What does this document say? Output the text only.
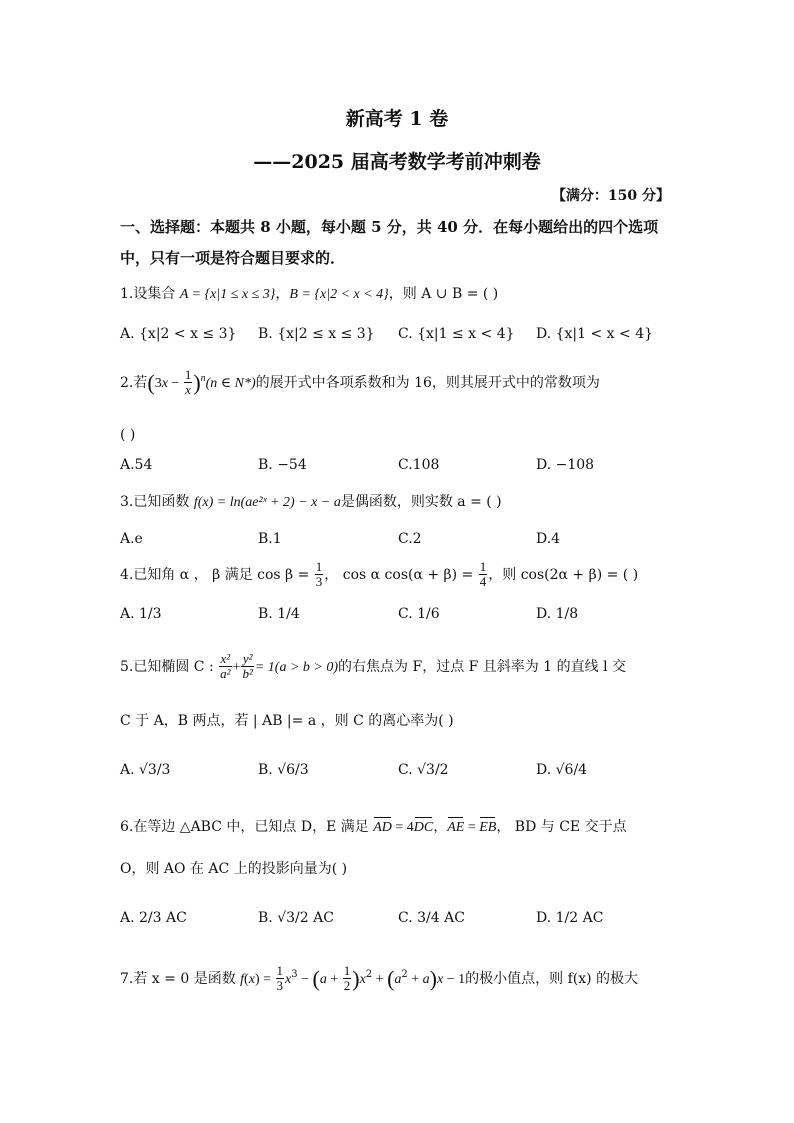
新高考 1 卷
——2025 届高考数学考前冲刺卷
【满分：150 分】
一、选择题：本题共 8 小题，每小题 5 分，共 40 分．在每小题给出的四个选项中，只有一项是符合题目要求的．
1.设集合 A = {x|1 ≤ x ≤ 3}，B = {x|2 < x < 4}，则 A ∪ B = ( )
A. {x|2 < x ≤ 3} B. {x|2 ≤ x ≤ 3} C. {x|1 ≤ x < 4} D. {x|1 < x < 4}
2.若$(3x - \frac{1}{x} )^n(n$ ∈ N*)的展开式中各项系数和为 16，则其展开式中的常数项为
( )
A.54	B. −54	C.108	D. −108
3.已知函数 f(x) = ln(ae²ˣ + 2) − x − a是偶函数，则实数 a = ( )
A.e	B.1	C.2	D.4
4.已知角 α ， β 满足 $\cos \beta = \frac{1}{3}$ ， cos α $\cos(\alpha + \beta) = \frac{1}{4}$ ，则 cos(2α + β) = ( )
A. 1/3	B. 1/4	C. 1/6	D. 1/8
5.已知椭圆 C : $\frac{\text{x²}}{\text{a²}} + \frac{\text{y²}}{\text{b²}} = 1(a > b > 0)$的右焦点为 F，过点 F 且斜率为 1 的直线 l 交
C 于 A，B 两点，若 | AB |= a ，则 C 的离心率为( )
A. √3/3	B. √6/3	C. √3/2	D. √6/4
6.在等边 △ABC 中，已知点 D，E 满足 AD = 4DC，AE = EB， BD 与 CE 交于点
O，则 AO 在 AC 上的投影向量为( )
A. 2/3 AC	B. √3/2 AC	C. 3/4 AC	D. 1/2 AC
7.若 x = 0 是函数 $f(x) = \frac{1}{3} x^3 - (a + \frac{1}{2} )x^2 + (a^2 + a)x - 1$的极小值点，则 f(x) 的极大
